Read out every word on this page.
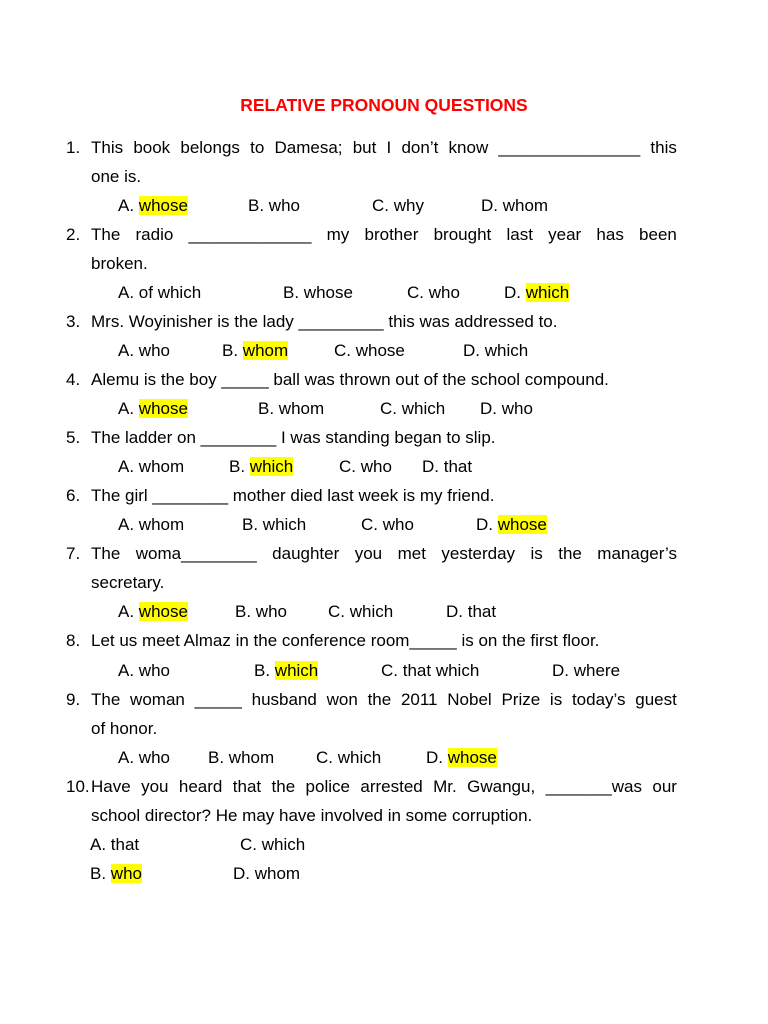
RELATIVE PRONOUN QUESTIONS
1. This book belongs to Damesa; but I don’t know _______________ this
one is.
A. whose	B. who	C. why	D. whom
2. The radio _____________ my brother brought last year has been
broken.
A. of which	B. whose	C. who	D. which
3. Mrs. Woyinisher is the lady _________ this was addressed to.
A. who	B. whom	C. whose	D. which
4. Alemu is the boy _____ ball was thrown out of the school compound.
A. whose	B. whom	C. which D. who
5. The ladder on ________ I was standing began to slip.
A. whom	B. which	C. who D. that
6. The girl ________ mother died last week is my friend.
A. whom	B. which	C. who	D. whose
7. The woma________ daughter you met yesterday is the manager’s
secretary.
A. whose	B. who C. which	D. that
8. Let us meet Almaz in the conference room_____ is on the first floor.
A. who	B. which	C. that which	D. where
9. The woman _____ husband won the 2011 Nobel Prize is today’s guest
of honor.
A. who B. whom C. which	D. whose
10. Have you heard that the police arrested Mr. Gwangu, _______was our
school director? He may have involved in some corruption.
A. that	C. which
B. who	D. whom
